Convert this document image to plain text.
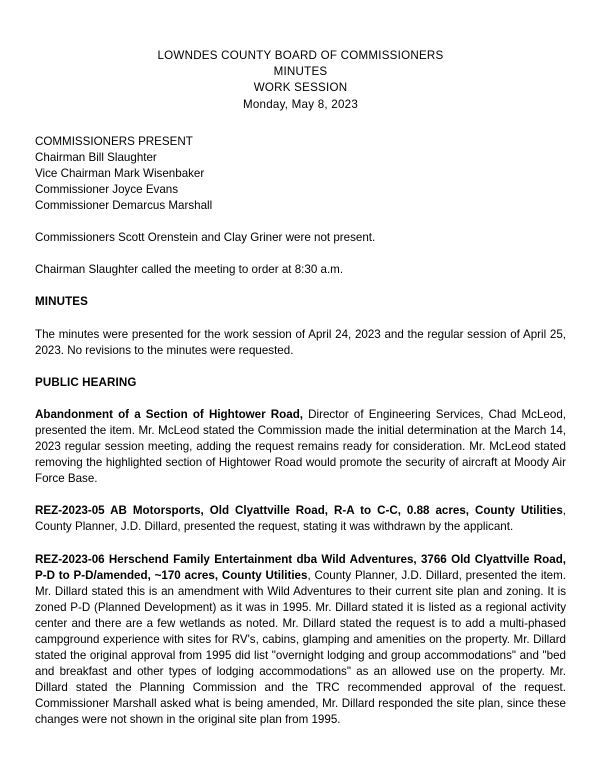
LOWNDES COUNTY BOARD OF COMMISSIONERS
MINUTES
WORK SESSION
Monday, May 8, 2023
COMMISSIONERS PRESENT
Chairman Bill Slaughter
Vice Chairman Mark Wisenbaker
Commissioner Joyce Evans
Commissioner Demarcus Marshall
Commissioners Scott Orenstein and Clay Griner were not present.
Chairman Slaughter called the meeting to order at 8:30 a.m.
MINUTES
The minutes were presented for the work session of April 24, 2023 and the regular session of April 25, 2023. No revisions to the minutes were requested.
PUBLIC HEARING
Abandonment of a Section of Hightower Road, Director of Engineering Services, Chad McLeod, presented the item. Mr. McLeod stated the Commission made the initial determination at the March 14, 2023 regular session meeting, adding the request remains ready for consideration. Mr. McLeod stated removing the highlighted section of Hightower Road would promote the security of aircraft at Moody Air Force Base.
REZ-2023-05 AB Motorsports, Old Clyattville Road, R-A to C-C, 0.88 acres, County Utilities, County Planner, J.D. Dillard, presented the request, stating it was withdrawn by the applicant.
REZ-2023-06 Herschend Family Entertainment dba Wild Adventures, 3766 Old Clyattville Road, P-D to P-D/amended, ~170 acres, County Utilities, County Planner, J.D. Dillard, presented the item. Mr. Dillard stated this is an amendment with Wild Adventures to their current site plan and zoning. It is zoned P-D (Planned Development) as it was in 1995. Mr. Dillard stated it is listed as a regional activity center and there are a few wetlands as noted. Mr. Dillard stated the request is to add a multi-phased campground experience with sites for RV's, cabins, glamping and amenities on the property. Mr. Dillard stated the original approval from 1995 did list "overnight lodging and group accommodations" and "bed and breakfast and other types of lodging accommodations" as an allowed use on the property. Mr. Dillard stated the Planning Commission and the TRC recommended approval of the request. Commissioner Marshall asked what is being amended, Mr. Dillard responded the site plan, since these changes were not shown in the original site plan from 1995.
